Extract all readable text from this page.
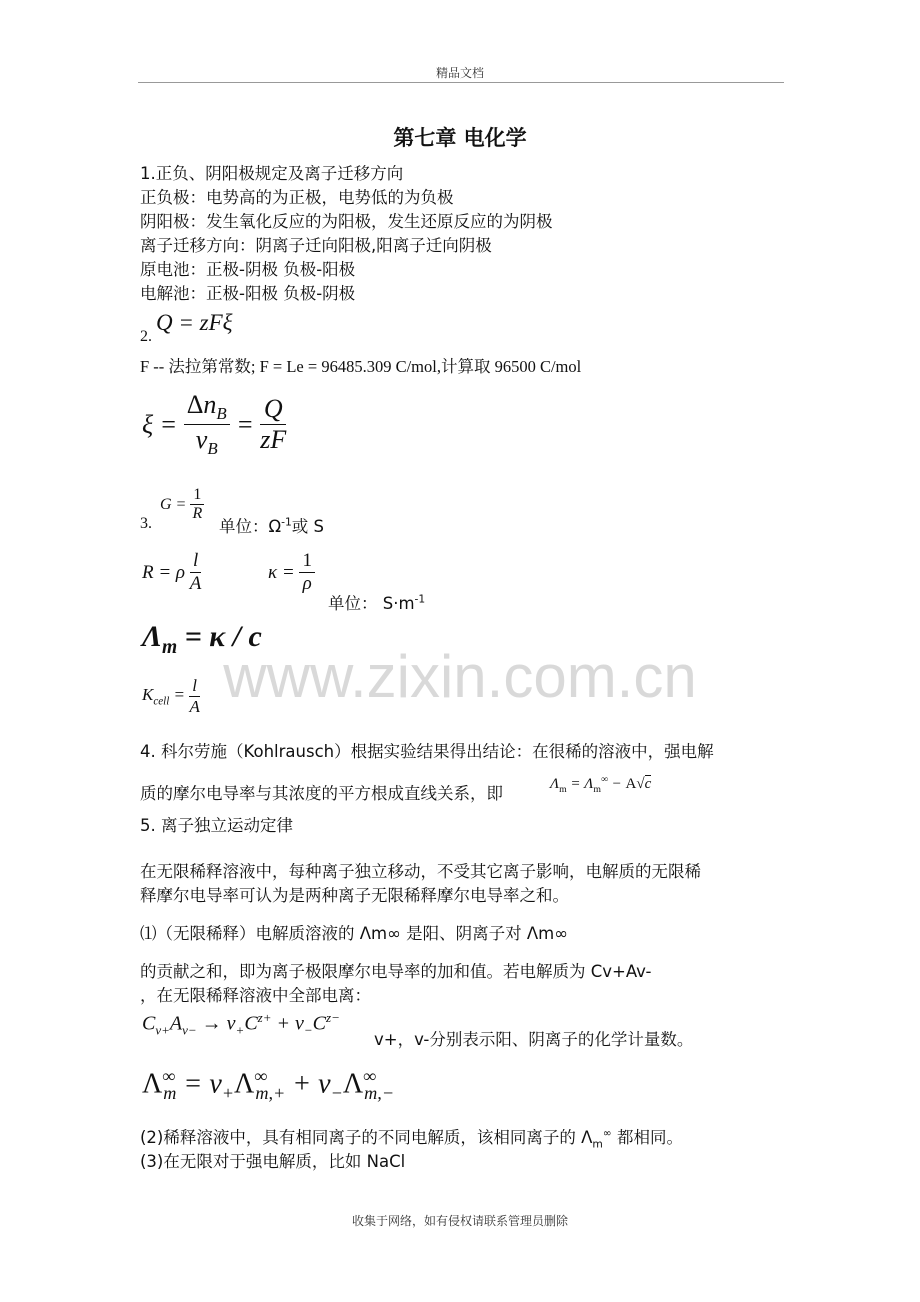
精品文档
第七章 电化学
1.正负、阴阳极规定及离子迁移方向
正负极：电势高的为正极，电势低的为负极
阴阳极：发生氧化反应的为阳极，发生还原反应的为阴极
离子迁移方向：阴离子迁向阳极,阳离子迁向阴极
原电池：正极-阴极 负极-阳极
电解池：正极-阳极 负极-阴极
2.
Q = zFξ
F -- 法拉第常数; F = Le = 96485.309 C/mol,计算取 96500 C/mol
$\xi = \frac{\Delta n_B}{\nu_B} = \frac{Q}{zF}$
$G = \frac{1}{R}$
3.	单位：$\Omega^{-1}$或 S
R = ρ $\frac{l}{A}$	$\kappa = \frac{1}{\rho}$
单位： $S\cdot m^{-1}$
$\Lambda_m = \kappa / c$
$K_{cell} = \frac{l}{A}$ www.zixin.com.cn
4. 科尔劳施（Kohlrausch）根据实验结果得出结论：在很稀的溶液中，强电解
质的摩尔电导率与其浓度的平方根成直线关系，即	$\Lambda_m = \Lambda_m^\infty - A√c$
5. 离子独立运动定律
在无限稀释溶液中，每种离子独立移动，不受其它离子影响，电解质的无限稀
释摩尔电导率可认为是两种离子无限稀释摩尔电导率之和。
⑴（无限稀释）电解质溶液的 Λm∞ 是阳、阴离子对 Λm∞
的贡献之和，即为离子极限摩尔电导率的加和值。若电解质为 Cv+Av-
，在无限稀释溶液中全部电离：
$C_{v+}A_{v-} \to v_+C^{z+} + v_-C^{z-}$
v+，v-分别表示阳、阴离子的化学计量数。
$\Lambda^\infty_m = v_+\Lambda^\infty_{m,+} + v_-\Lambda^\infty_{m,-}$
(2)稀释溶液中，具有相同离子的不同电解质，该相同离子的 $\Lambda_m^\infty$ 都相同。
(3)在无限对于强电解质，比如 NaCl
收集于网络，如有侵权请联系管理员删除
